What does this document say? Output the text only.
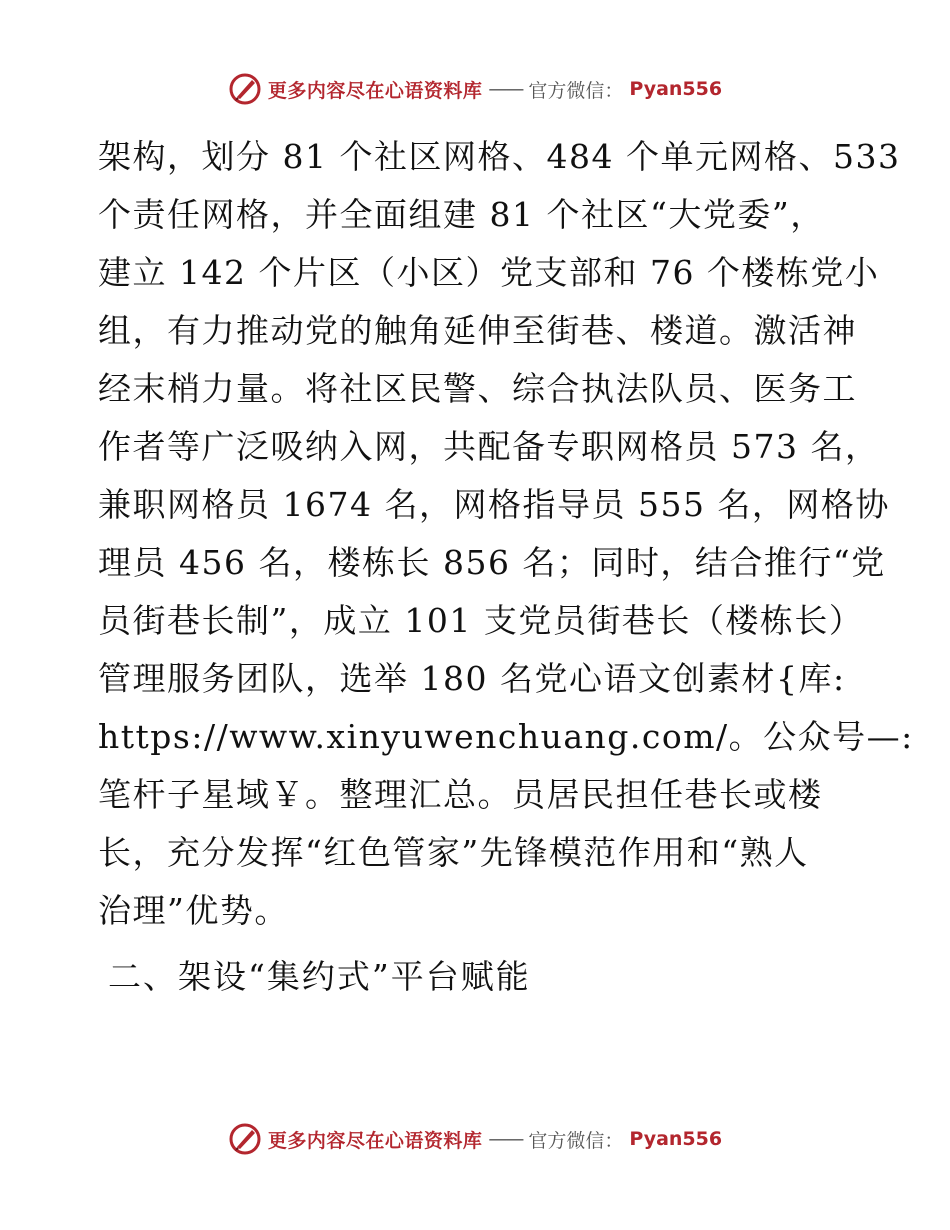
更多内容尽在心语资料库 —— 官方微信： Pyan556
架构，划分 81 个社区网格、484 个单元网格、533
个责任网格，并全面组建 81 个社区“大党委”，
建立 142 个片区（小区）党支部和 76 个楼栋党小
组，有力推动党的触角延伸至街巷、楼道。激活神
经末梢力量。将社区民警、综合执法队员、医务工
作者等广泛吸纳入网，共配备专职网格员 573 名，
兼职网格员 1674 名，网格指导员 555 名，网格协
理员 456 名，楼栋长 856 名；同时，结合推行“党
员街巷长制”，成立 101 支党员街巷长（楼栋长）
管理服务团队，选举 180 名党心语文创素材{库:
https://www.xinyuwenchuang.com/。公众号—:
笔杆子星域￥。整理汇总。员居民担任巷长或楼
长，充分发挥“红色管家”先锋模范作用和“熟人
治理”优势。
二、架设“集约式”平台赋能
更多内容尽在心语资料库 —— 官方微信： Pyan556
